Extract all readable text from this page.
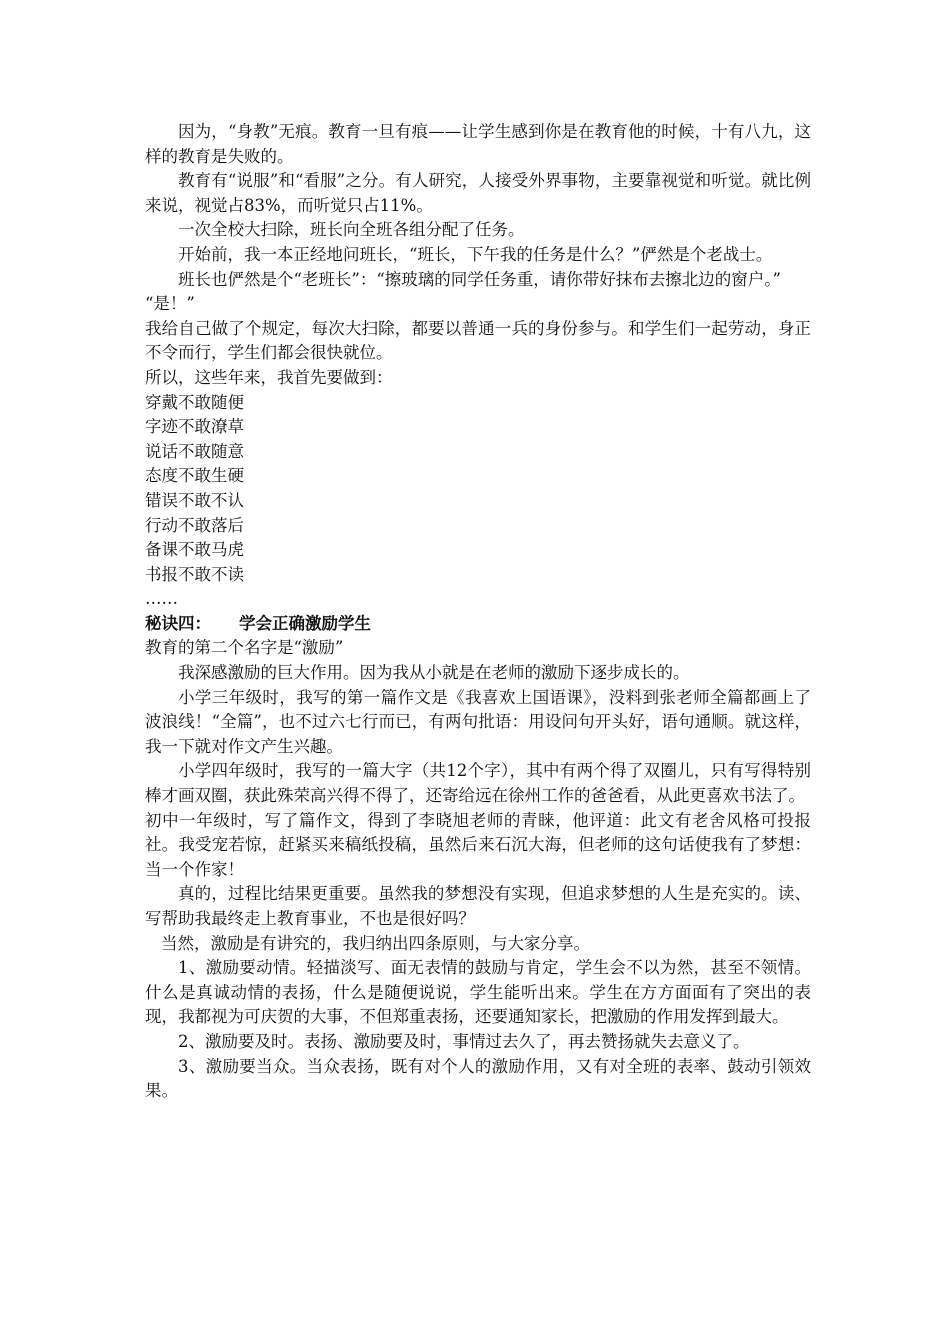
因为，“身教”无痕。教育一旦有痕——让学生感到你是在教育他的时候，十有八九，这样的教育是失败的。

教育有“说服”和“看服”之分。有人研究，人接受外界事物，主要靠视觉和听觉。就比例来说，视觉占83%，而听觉只占11%。

一次全校大扫除，班长向全班各组分配了任务。

开始前，我一本正经地问班长，“班长，下午我的任务是什么？”俨然是个老战士。

班长也俨然是个“老班长”：“擦玻璃的同学任务重，请你带好抹布去擦北边的窗户。”

“是！”

我给自己做了个规定，每次大扫除，都要以普通一兵的身份参与。和学生们一起劳动，身正不令而行，学生们都会很快就位。

所以，这些年来，我首先要做到：

穿戴不敢随便

字迹不敢潦草

说话不敢随意

态度不敢生硬

错误不敢不认

行动不敢落后

备课不敢马虎

书报不敢不读

……

秘诀四： 学会正确激励学生

教育的第二个名字是“激励”

我深感激励的巨大作用。因为我从小就是在老师的激励下逐步成长的。

小学三年级时，我写的第一篇作文是《我喜欢上国语课》，没料到张老师全篇都画上了波浪线！“全篇”，也不过六七行而已，有两句批语：用设问句开头好，语句通顺。就这样，我一下就对作文产生兴趣。

小学四年级时，我写的一篇大字（共12个字），其中有两个得了双圈儿，只有写得特别棒才画双圈，获此殊荣高兴得不得了，还寄给远在徐州工作的爸爸看，从此更喜欢书法了。

初中一年级时，写了篇作文，得到了李晓旭老师的青睐，他评道：此文有老舍风格可投报社。我受宠若惊，赶紧买来稿纸投稿，虽然后来石沉大海，但老师的这句话使我有了梦想：当一个作家！

真的，过程比结果更重要。虽然我的梦想没有实现，但追求梦想的人生是充实的。读、写帮助我最终走上教育事业，不也是很好吗？

当然，激励是有讲究的，我归纳出四条原则，与大家分享。

1、激励要动情。轻描淡写、面无表情的鼓励与肯定，学生会不以为然，甚至不领情。什么是真诚动情的表扬，什么是随便说说，学生能听出来。学生在方方面面有了突出的表现，我都视为可庆贺的大事，不但郑重表扬，还要通知家长，把激励的作用发挥到最大。

2、激励要及时。表扬、激励要及时，事情过去久了，再去赞扬就失去意义了。

3、激励要当众。当众表扬，既有对个人的激励作用，又有对全班的表率、鼓动引领效果。
